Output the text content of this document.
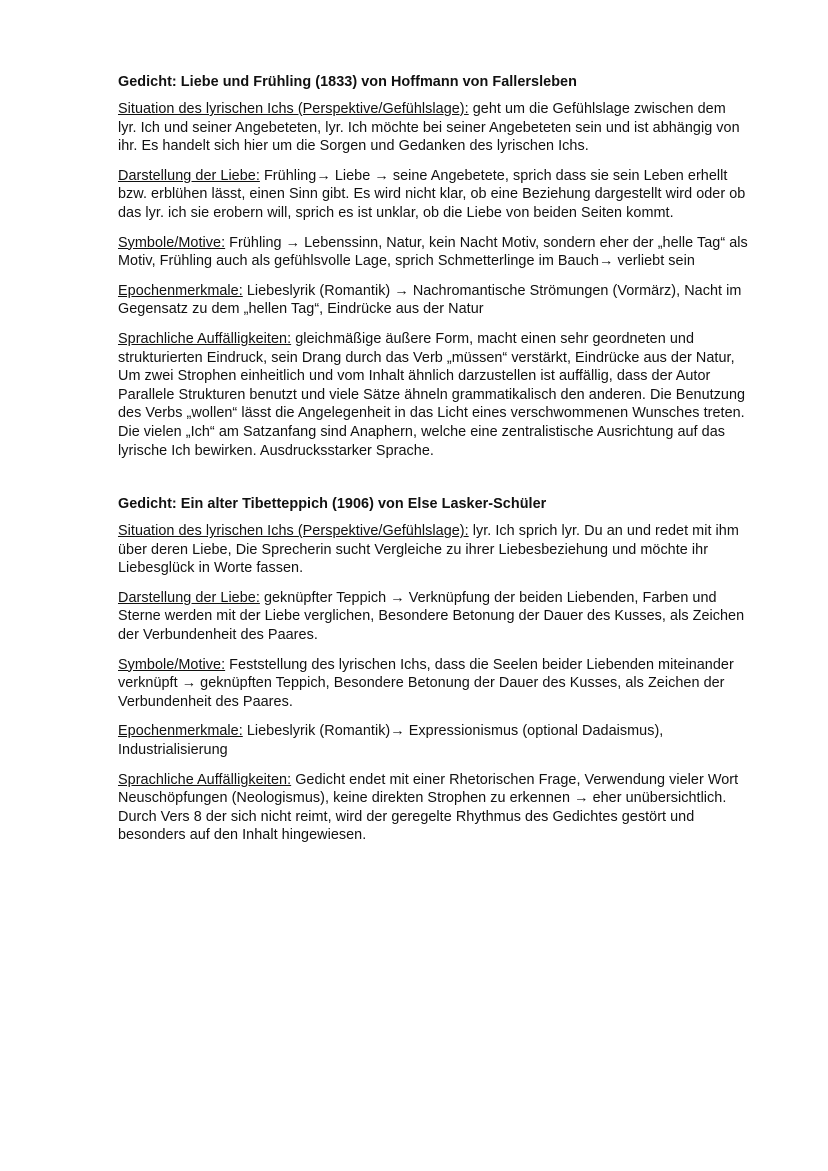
Gedicht: Liebe und Frühling (1833) von Hoffmann von Fallersleben

Situation des lyrischen Ichs (Perspektive/Gefühlslage): geht um die Gefühlslage zwischen dem lyr. Ich und seiner Angebeteten, lyr. Ich möchte bei seiner Angebeteten sein und ist abhängig von ihr. Es handelt sich hier um die Sorgen und Gedanken des lyrischen Ichs.

Darstellung der Liebe: Frühling→ Liebe → seine Angebetete, sprich dass sie sein Leben erhellt bzw. erblühen lässt, einen Sinn gibt. Es wird nicht klar, ob eine Beziehung dargestellt wird oder ob das lyr. ich sie erobern will, sprich es ist unklar, ob die Liebe von beiden Seiten kommt.

Symbole/Motive: Frühling → Lebenssinn, Natur, kein Nacht Motiv, sondern eher der „helle Tag“ als Motiv, Frühling auch als gefühlsvolle Lage, sprich Schmetterlinge im Bauch→ verliebt sein

Epochenmerkmale: Liebeslyrik (Romantik) → Nachromantische Strömungen (Vormärz), Nacht im Gegensatz zu dem „hellen Tag“, Eindrücke aus der Natur

Sprachliche Auffälligkeiten: gleichmäßige äußere Form, macht einen sehr geordneten und strukturierten Eindruck, sein Drang durch das Verb „müssen“ verstärkt, Eindrücke aus der Natur, Um zwei Strophen einheitlich und vom Inhalt ähnlich darzustellen ist auffällig, dass der Autor Parallele Strukturen benutzt und viele Sätze ähneln grammatikalisch den anderen. Die Benutzung des Verbs „wollen“ lässt die Angelegenheit in das Licht eines verschwommenen Wunsches treten. Die vielen „Ich“ am Satzanfang sind Anaphern, welche eine zentralistische Ausrichtung auf das lyrische Ich bewirken. Ausdrucksstarker Sprache.

Gedicht: Ein alter Tibetteppich (1906) von Else Lasker-Schüler

Situation des lyrischen Ichs (Perspektive/Gefühlslage): lyr. Ich sprich lyr. Du an und redet mit ihm über deren Liebe, Die Sprecherin sucht Vergleiche zu ihrer Liebesbeziehung und möchte ihr Liebesglück in Worte fassen.

Darstellung der Liebe: geknüpfter Teppich → Verknüpfung der beiden Liebenden, Farben und Sterne werden mit der Liebe verglichen, Besondere Betonung der Dauer des Kusses, als Zeichen der Verbundenheit des Paares.

Symbole/Motive: Feststellung des lyrischen Ichs, dass die Seelen beider Liebenden miteinander verknüpft → geknüpften Teppich, Besondere Betonung der Dauer des Kusses, als Zeichen der Verbundenheit des Paares.

Epochenmerkmale: Liebeslyrik (Romantik)→ Expressionismus (optional Dadaismus), Industrialisierung

Sprachliche Auffälligkeiten: Gedicht endet mit einer Rhetorischen Frage, Verwendung vieler Wort Neuschöpfungen (Neologismus), keine direkten Strophen zu erkennen → eher unübersichtlich. Durch Vers 8 der sich nicht reimt, wird der geregelte Rhythmus des Gedichtes gestört und besonders auf den Inhalt hingewiesen.
